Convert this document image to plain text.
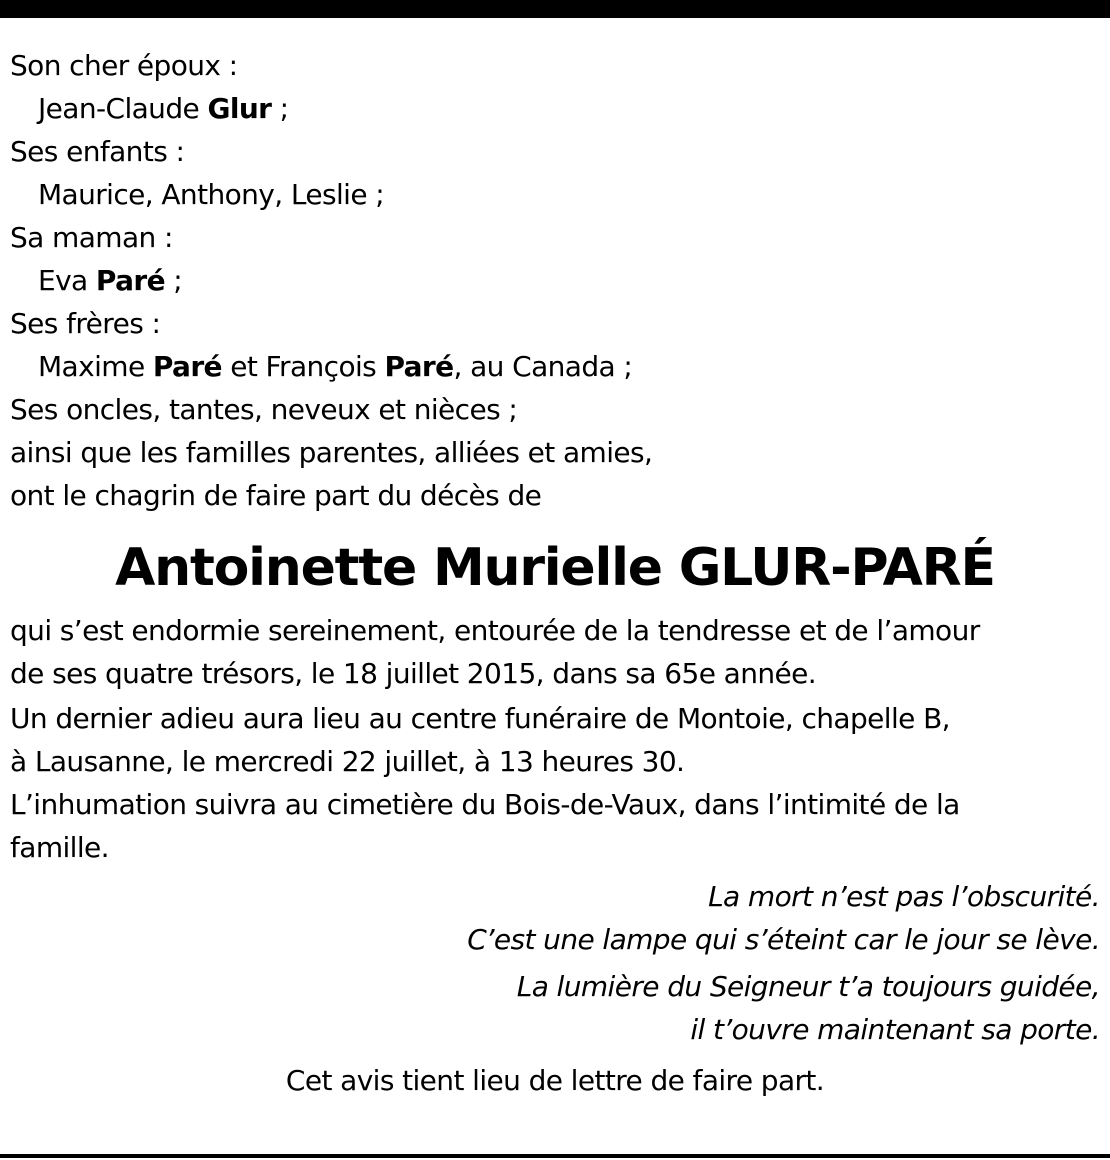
Son cher époux :
Jean-Claude Glur ;
Ses enfants :
Maurice, Anthony, Leslie ;
Sa maman :
Eva Paré ;
Ses frères :
Maxime Paré et François Paré, au Canada ;
Ses oncles, tantes, neveux et nièces ;
ainsi que les familles parentes, alliées et amies,
ont le chagrin de faire part du décès de
Antoinette Murielle GLUR-PARÉ
qui s’est endormie sereinement, entourée de la tendresse et de l’amour
de ses quatre trésors, le 18 juillet 2015, dans sa 65e année.
Un dernier adieu aura lieu au centre funéraire de Montoie, chapelle B,
à Lausanne, le mercredi 22 juillet, à 13 heures 30.
L’inhumation suivra au cimetière du Bois-de-Vaux, dans l’intimité de la
famille.
La mort n’est pas l’obscurité.
C’est une lampe qui s’éteint car le jour se lève.
La lumière du Seigneur t’a toujours guidée,
il t’ouvre maintenant sa porte.
Cet avis tient lieu de lettre de faire part.
